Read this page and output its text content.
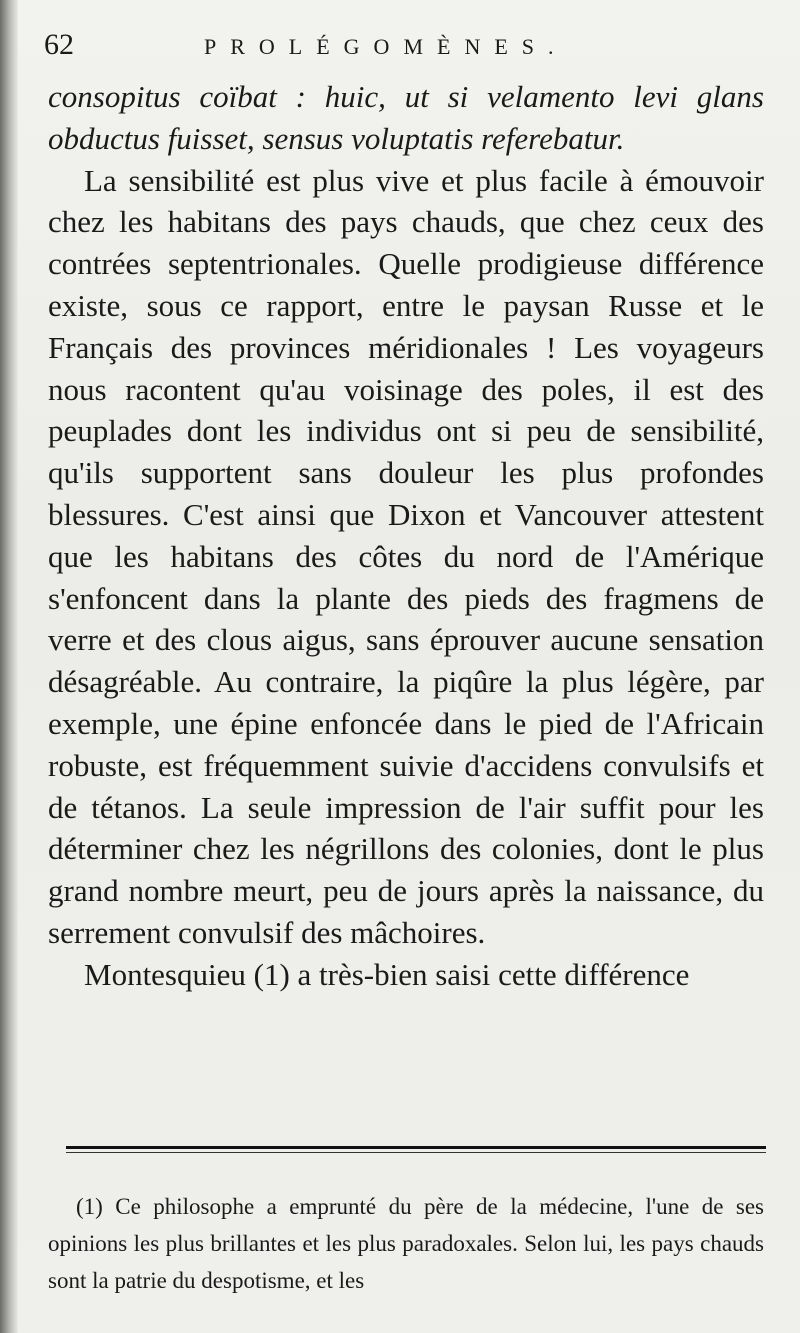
62	PROLÉGOMÈNES.

consopitus coïbat : huic, ut si velamento levi glans obductus fuisset, sensus voluptatis referebatur.

La sensibilité est plus vive et plus facile à émouvoir chez les habitans des pays chauds, que chez ceux des contrées septentrionales. Quelle prodigieuse différence existe, sous ce rapport, entre le paysan Russe et le Français des provinces méridionales ! Les voyageurs nous racontent qu'au voisinage des poles, il est des peuplades dont les individus ont si peu de sensibilité, qu'ils supportent sans douleur les plus profondes blessures. C'est ainsi que Dixon et Vancouver attestent que les habitans des côtes du nord de l'Amérique s'enfoncent dans la plante des pieds des fragmens de verre et des clous aigus, sans éprouver aucune sensation désagréable. Au contraire, la piqûre la plus légère, par exemple, une épine enfoncée dans le pied de l'Africain robuste, est fréquemment suivie d'accidens convulsifs et de tétanos. La seule impression de l'air suffit pour les déterminer chez les négrillons des colonies, dont le plus grand nombre meurt, peu de jours après la naissance, du serrement convulsif des mâchoires.

Montesquieu (1) a très-bien saisi cette différence

(1) Ce philosophe a emprunté du père de la médecine, l'une de ses opinions les plus brillantes et les plus paradoxales. Selon lui, les pays chauds sont la patrie du despotisme, et les
